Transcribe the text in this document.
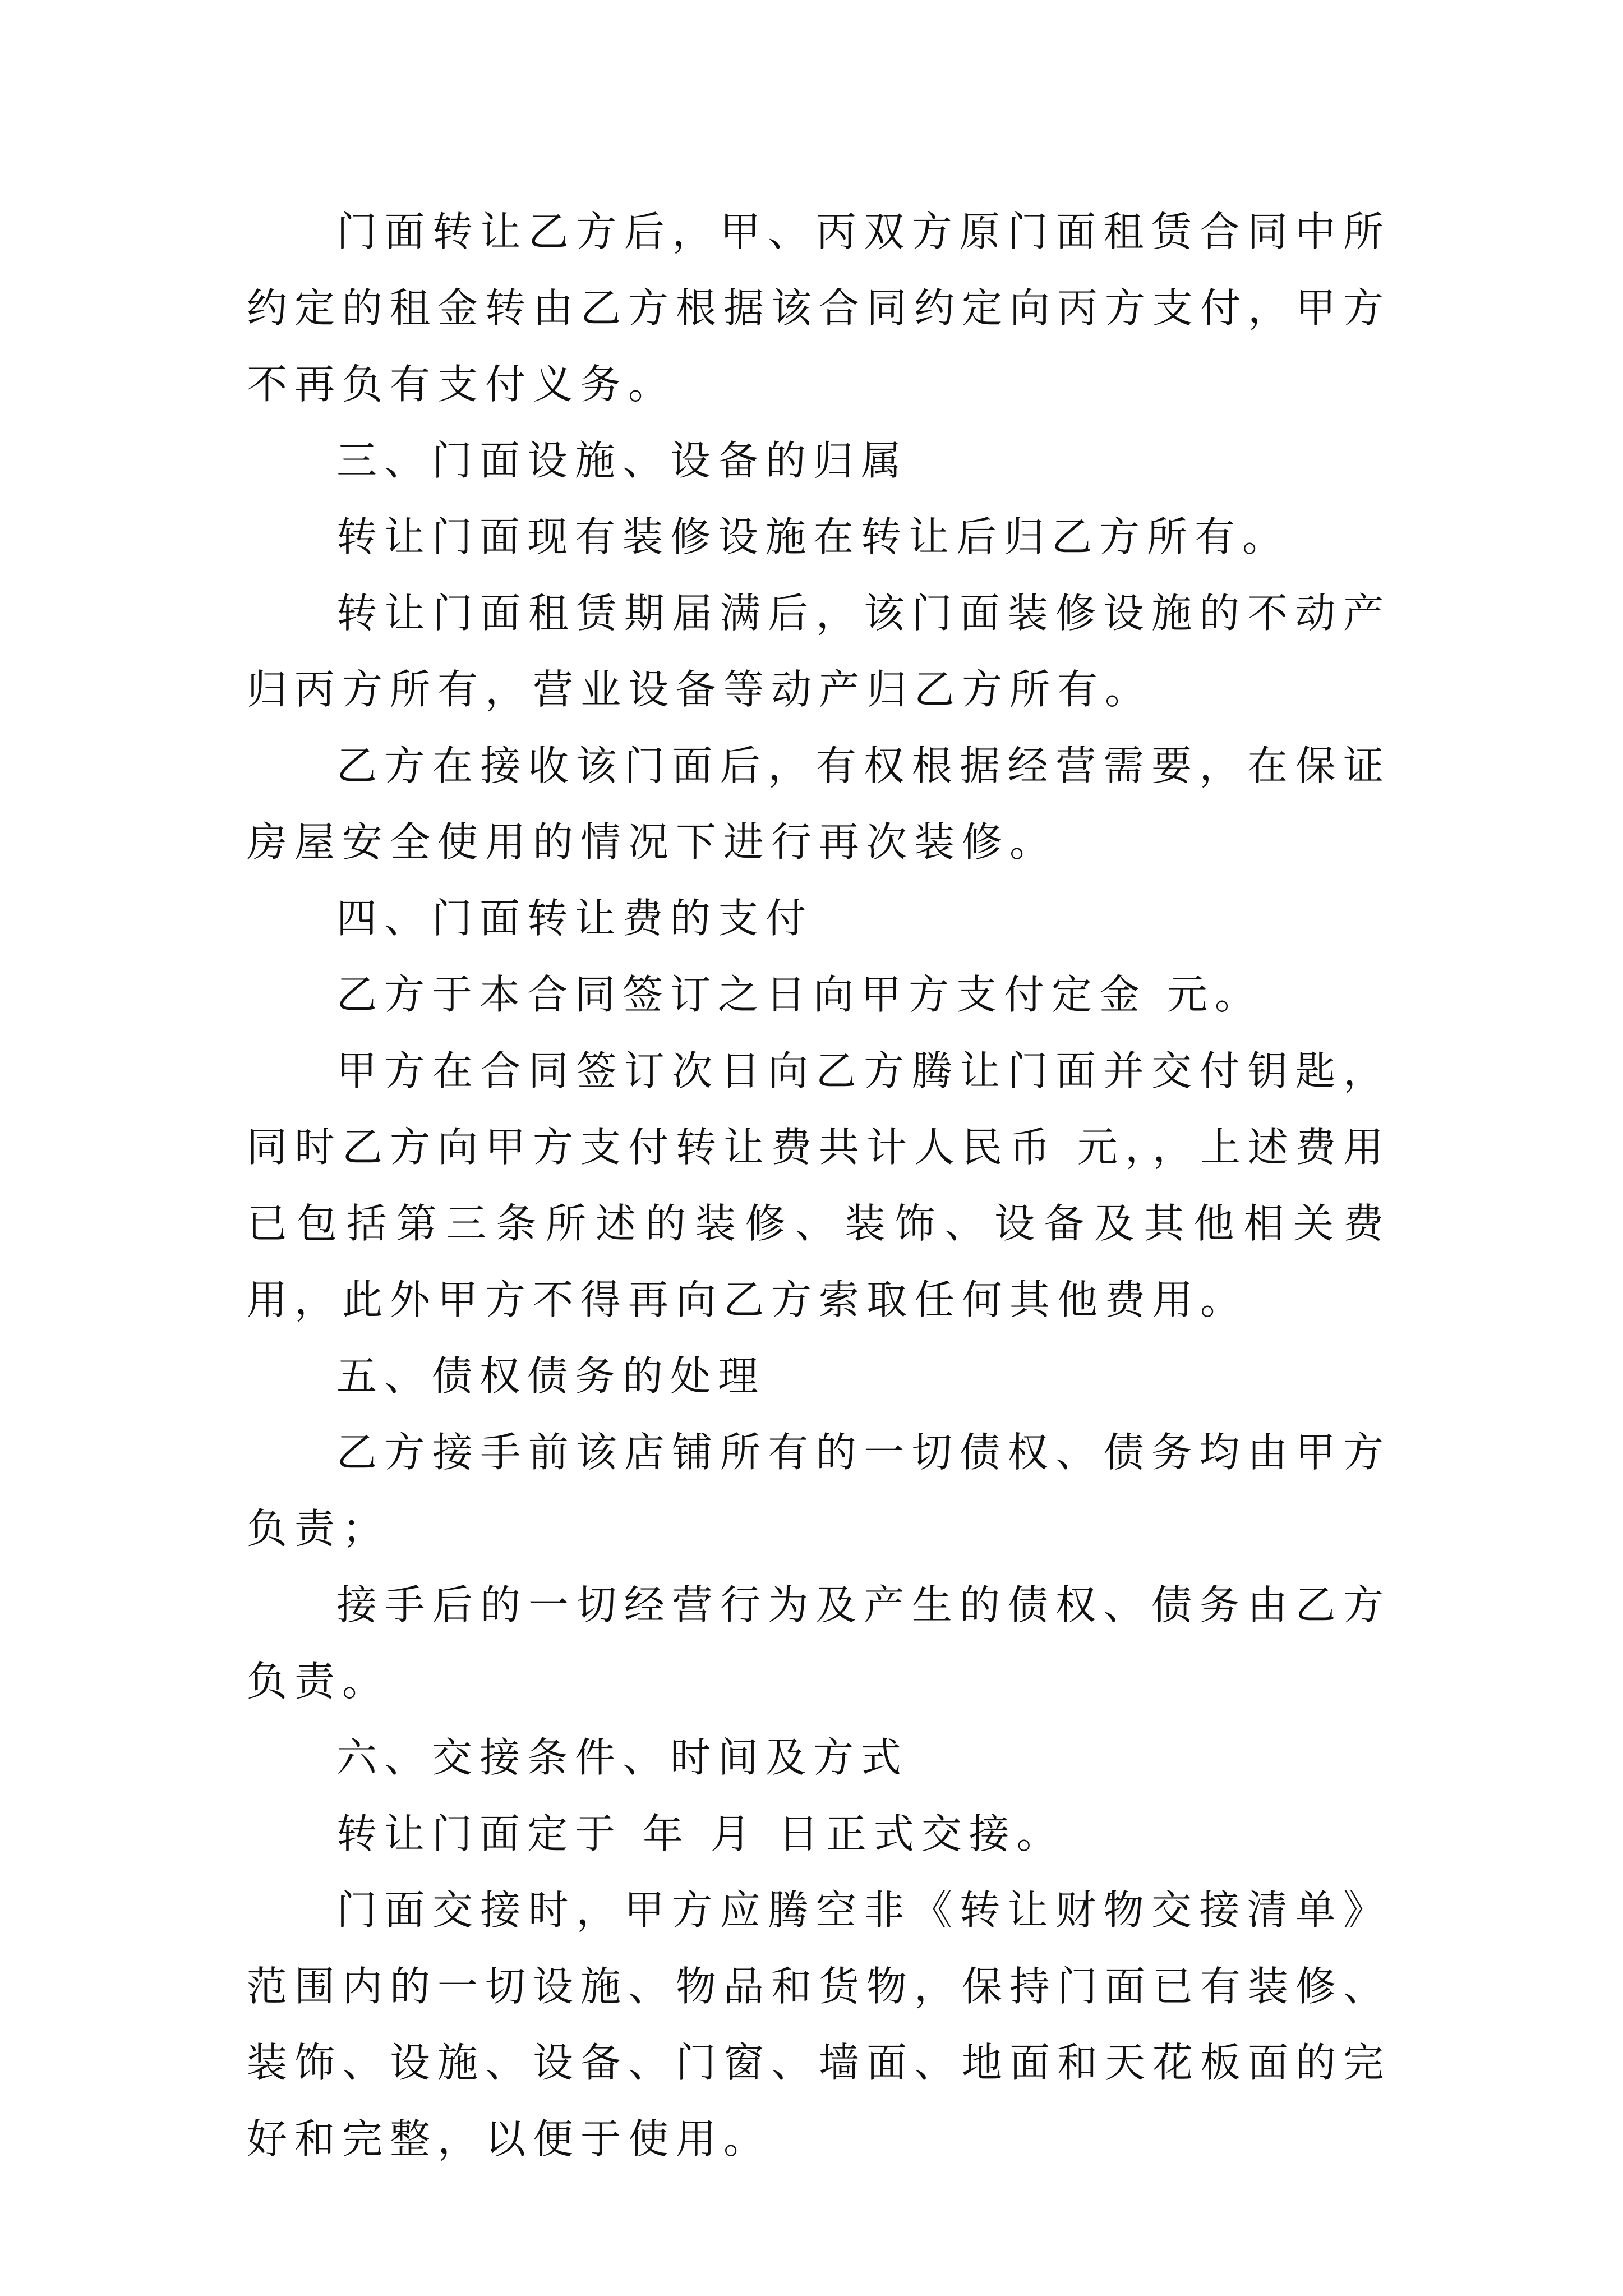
门面转让乙方后，甲、丙双方原门面租赁合同中所约定的租金转由乙方根据该合同约定向丙方支付，甲方不再负有支付义务。

三、门面设施、设备的归属

转让门面现有装修设施在转让后归乙方所有。

转让门面租赁期届满后，该门面装修设施的不动产归丙方所有，营业设备等动产归乙方所有。

乙方在接收该门面后，有权根据经营需要，在保证房屋安全使用的情况下进行再次装修。

四、门面转让费的支付

乙方于本合同签订之日向甲方支付定金 元。

甲方在合同签订次日向乙方腾让门面并交付钥匙，同时乙方向甲方支付转让费共计人民币 元，，上述费用已包括第三条所述的装修、装饰、设备及其他相关费用，此外甲方不得再向乙方索取任何其他费用。

五、债权债务的处理

乙方接手前该店铺所有的一切债权、债务均由甲方负责；

接手后的一切经营行为及产生的债权、债务由乙方负责。

六、交接条件、时间及方式

转让门面定于 年 月 日正式交接。

门面交接时，甲方应腾空非《转让财物交接清单》范围内的一切设施、物品和货物，保持门面已有装修、装饰、设施、设备、门窗、墙面、地面和天花板面的完好和完整，以便于使用。
